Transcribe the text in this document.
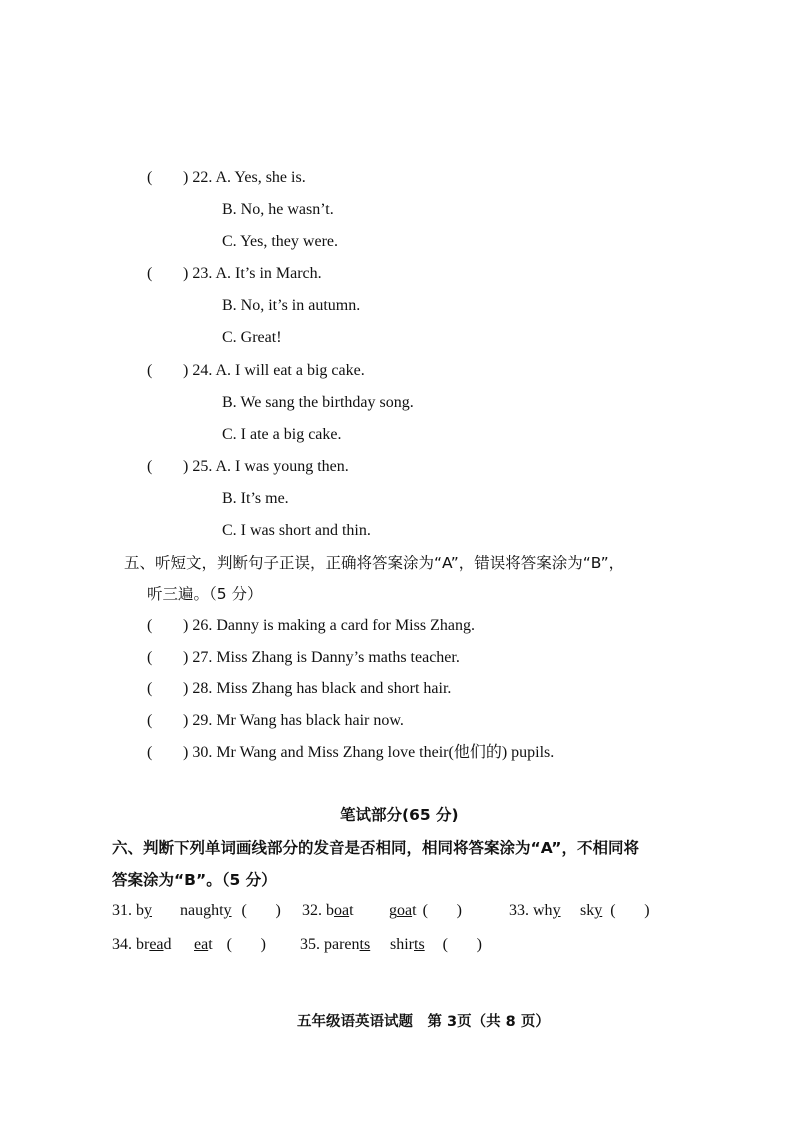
( ) 22. A. Yes, she is.
B. No, he wasn’t.
C. Yes, they were.
( ) 23. A. It’s in March.
B. No, it’s in autumn.
C. Great!
( ) 24. A. I will eat a big cake.
B. We sang the birthday song.
C. I ate a big cake.
( ) 25. A. I was young then.
B. It’s me.
C. I was short and thin.
五、听短文，判断句子正误，正确将答案涂为“A”，错误将答案涂为“B”，
听三遍。（5 分）
( ) 26. Danny is making a card for Miss Zhang.
( ) 27. Miss Zhang is Danny’s maths teacher.
( ) 28. Miss Zhang has black and short hair.
( ) 29. Mr Wang has black hair now.
( ) 30. Mr Wang and Miss Zhang love their(他们的) pupils.
笔试部分(65 分)
六、判断下列单词画线部分的发音是否相同，相同将答案涂为“A”，不相同将
答案涂为“B”。（5 分）
31. by naughty ( ) 32. boat goat ( )	33. why sky ( )
34. bread eat ( ) 35. parents shirts ( )
五年级语英语试题　第 3页（共 8 页）
